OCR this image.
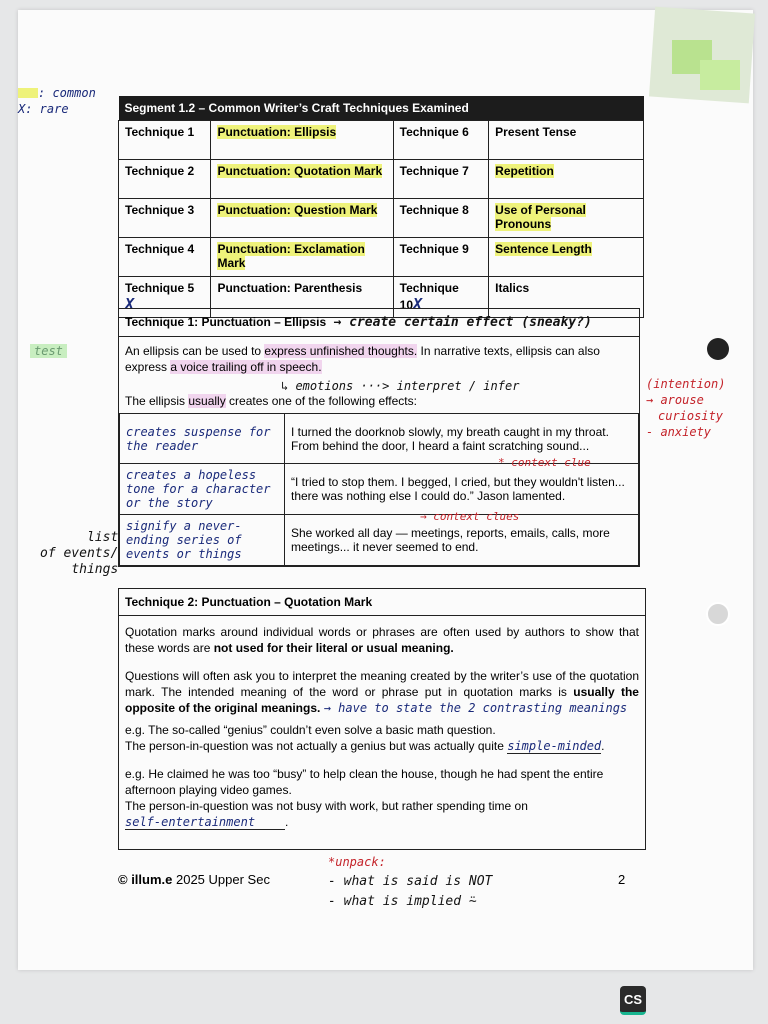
: common
X: rare	Segment 1.2 – Common Writer’s Craft Techniques Examined			
Technique 1	Punctuation: Ellipsis	Technique 6	Present Tense
Technique 2	Punctuation: Quotation Mark	Technique 7	Repetition
Technique 3	Punctuation: Question Mark	Technique 8	Use of Personal Pronouns
Technique 4	Punctuation: Exclamation Mark	Technique 9	Sentence Length
Technique 5 X	Punctuation: Parenthesis	Technique 10X	Italics
Technique 1: Punctuation – Ellipsis → create certain effect (sneaky?)
An ellipsis can be used to express unfinished thoughts. In narrative texts, ellipsis can also express a voice trailing off in speech.
↳ emotions ···> interpret / infer
The ellipsis usually creates one of the following effects:
creates suspense for the reader	I turned the doorknob slowly, my breath caught in my throat. From behind the door, I heard a faint scratching sound...
creates a hopeless tone for a character or the story	“I tried to stop them. I begged, I cried, but they wouldn't listen... there was nothing else I could do.” Jason lamented.
signify a never-ending series of events or things	She worked all day — meetings, reports, emails, calls, more meetings... it never seemed to end.
test
* context clue
→ context clues
(intention)
→ arouse
curiosity
- anxiety
list
of events/
things
Technique 2: Punctuation – Quotation Mark
Quotation marks around individual words or phrases are often used by authors to show that these words are not used for their literal or usual meaning.
Questions will often ask you to interpret the meaning created by the writer’s use of the quotation mark. The intended meaning of the word or phrase put in quotation marks is usually the opposite of the original meanings. → have to state the 2 contrasting meanings
e.g. The so-called “genius” couldn’t even solve a basic math question.
The person-in-question was not actually a genius but was actually quite simple-minded.
e.g. He claimed he was too “busy” to help clean the house, though he had spent the entire afternoon playing video games.
The person-in-question was not busy with work, but rather spending time on
self-entertainment	.
© illum.e 2025 Upper Sec	2
*unpack:
- what is said is NOT
- what is implied ⍨
CS
